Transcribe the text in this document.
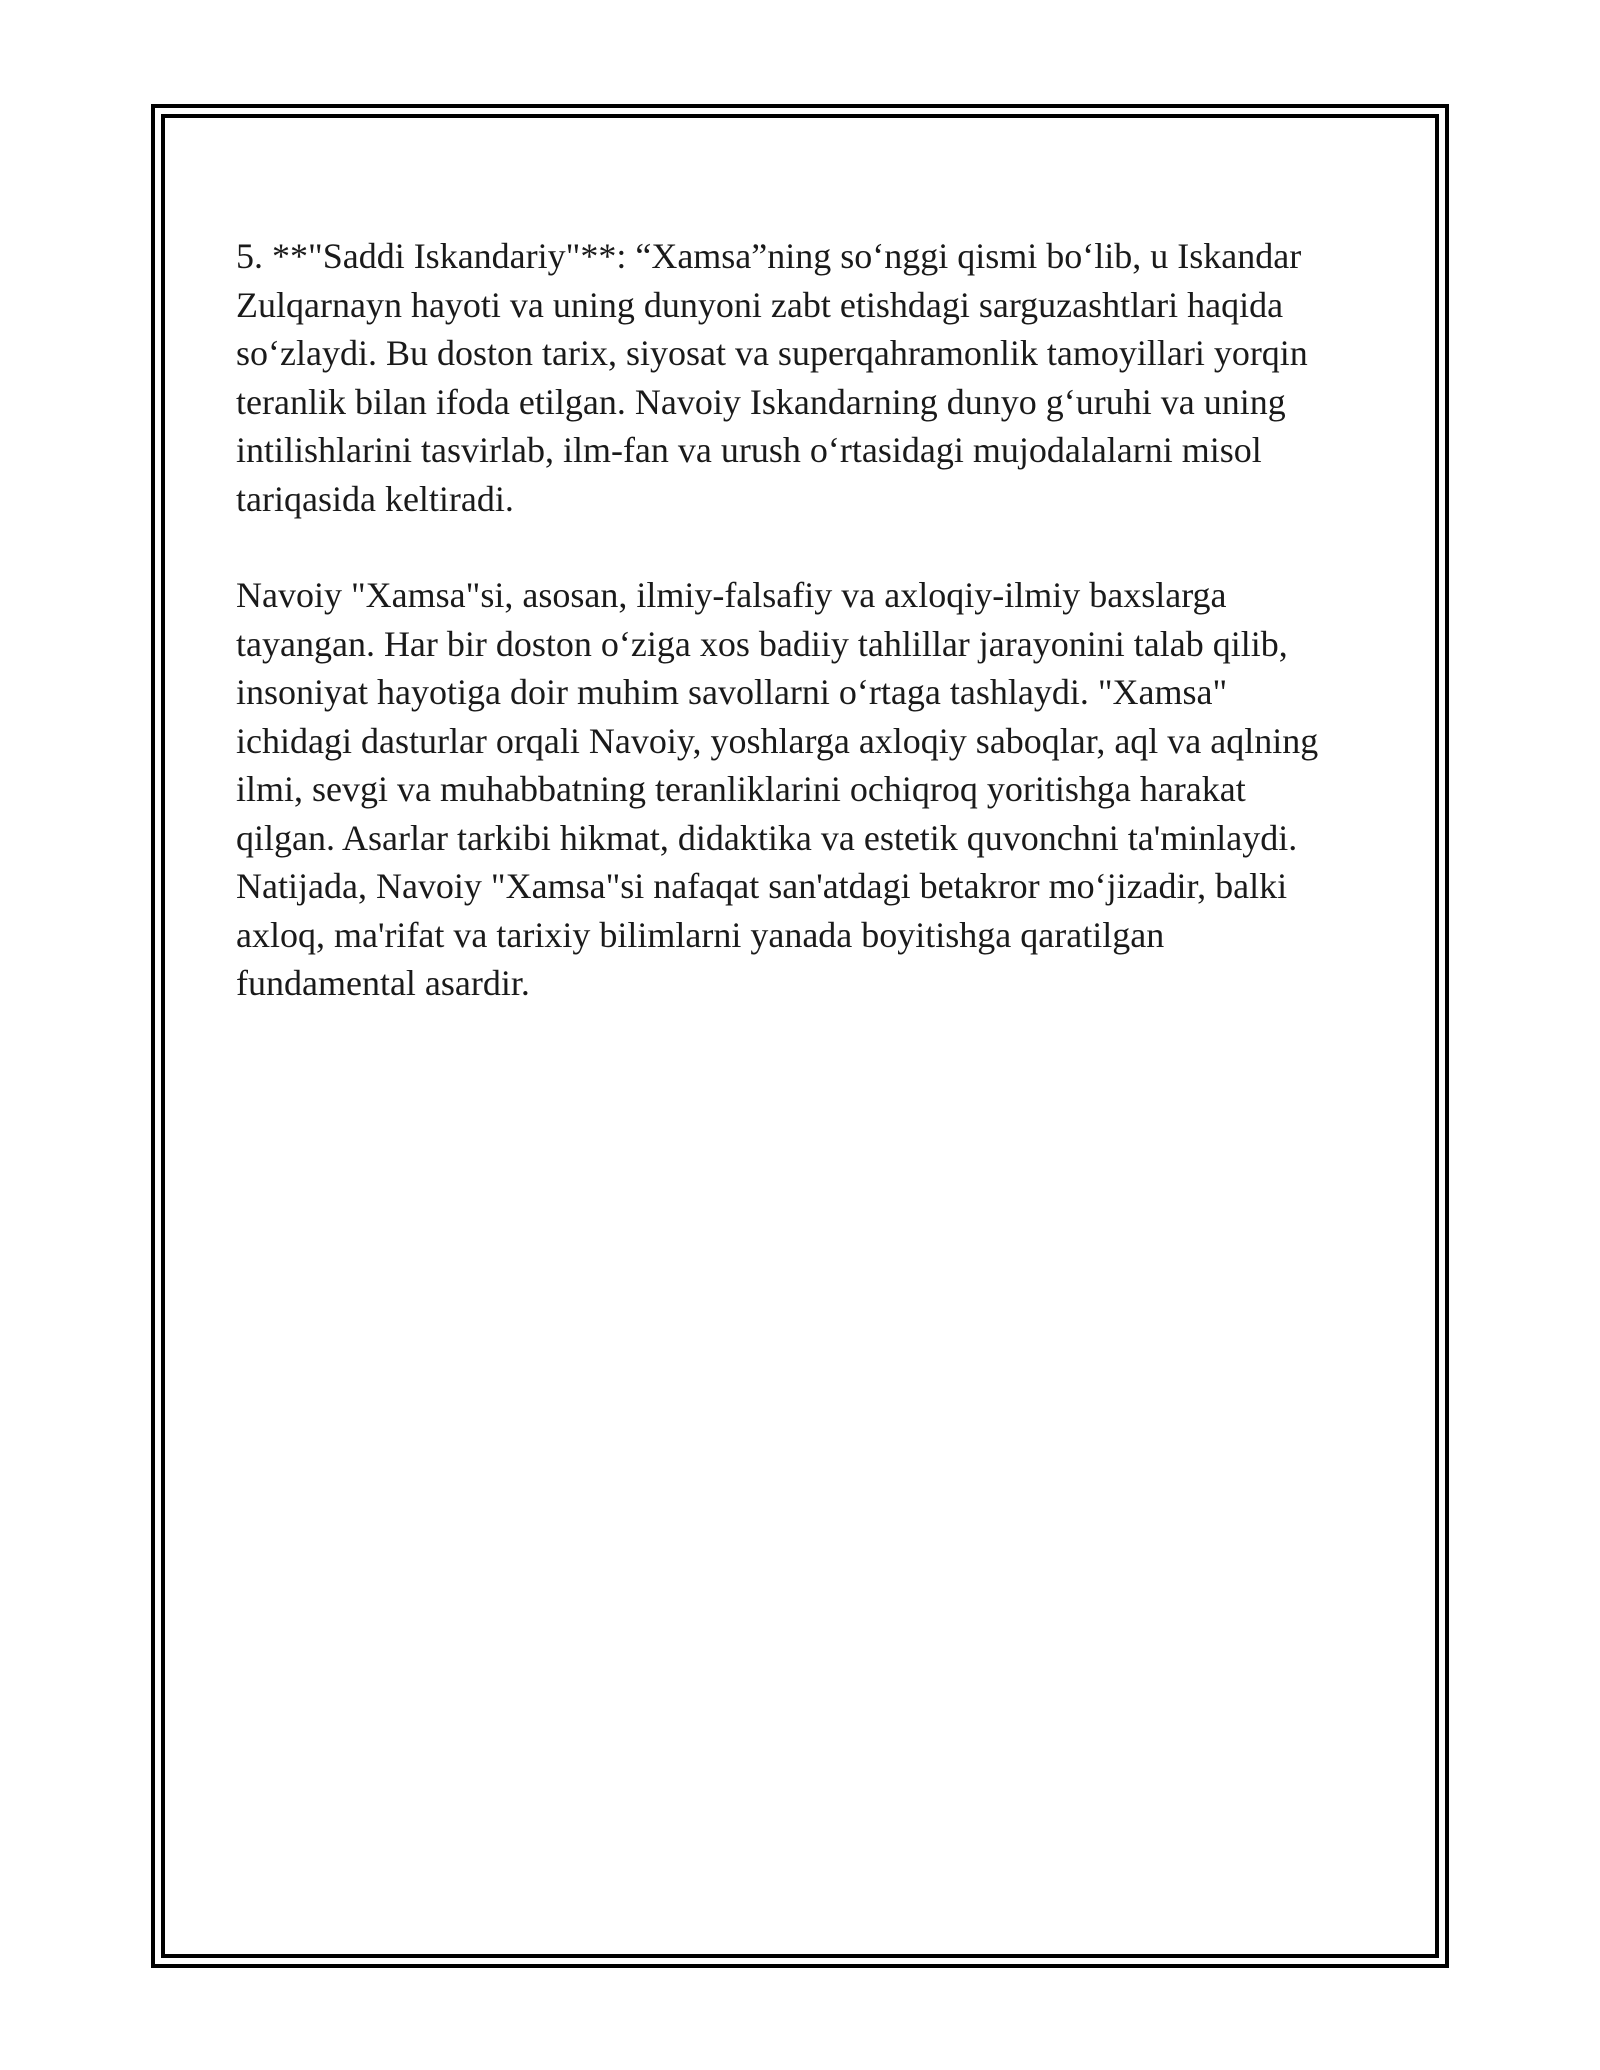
5. **"Saddi Iskandariy"**: “Xamsa”ning so‘nggi qismi bo‘lib, u Iskandar
Zulqarnayn hayoti va uning dunyoni zabt etishdagi sarguzashtlari haqida
so‘zlaydi. Bu doston tarix, siyosat va superqahramonlik tamoyillari yorqin
teranlik bilan ifoda etilgan. Navoiy Iskandarning dunyo g‘uruhi va uning
intilishlarini tasvirlab, ilm-fan va urush o‘rtasidagi mujodalalarni misol
tariqasida keltiradi.

Navoiy "Xamsa"si, asosan, ilmiy-falsafiy va axloqiy-ilmiy baxslarga
tayangan. Har bir doston o‘ziga xos badiiy tahlillar jarayonini talab qilib,
insoniyat hayotiga doir muhim savollarni o‘rtaga tashlaydi. "Xamsa"
ichidagi dasturlar orqali Navoiy, yoshlarga axloqiy saboqlar, aql va aqlning
ilmi, sevgi va muhabbatning teranliklarini ochiqroq yoritishga harakat
qilgan. Asarlar tarkibi hikmat, didaktika va estetik quvonchni ta'minlaydi.
Natijada, Navoiy "Xamsa"si nafaqat san'atdagi betakror mo‘jizadir, balki
axloq, ma'rifat va tarixiy bilimlarni yanada boyitishga qaratilgan
fundamental asardir.
